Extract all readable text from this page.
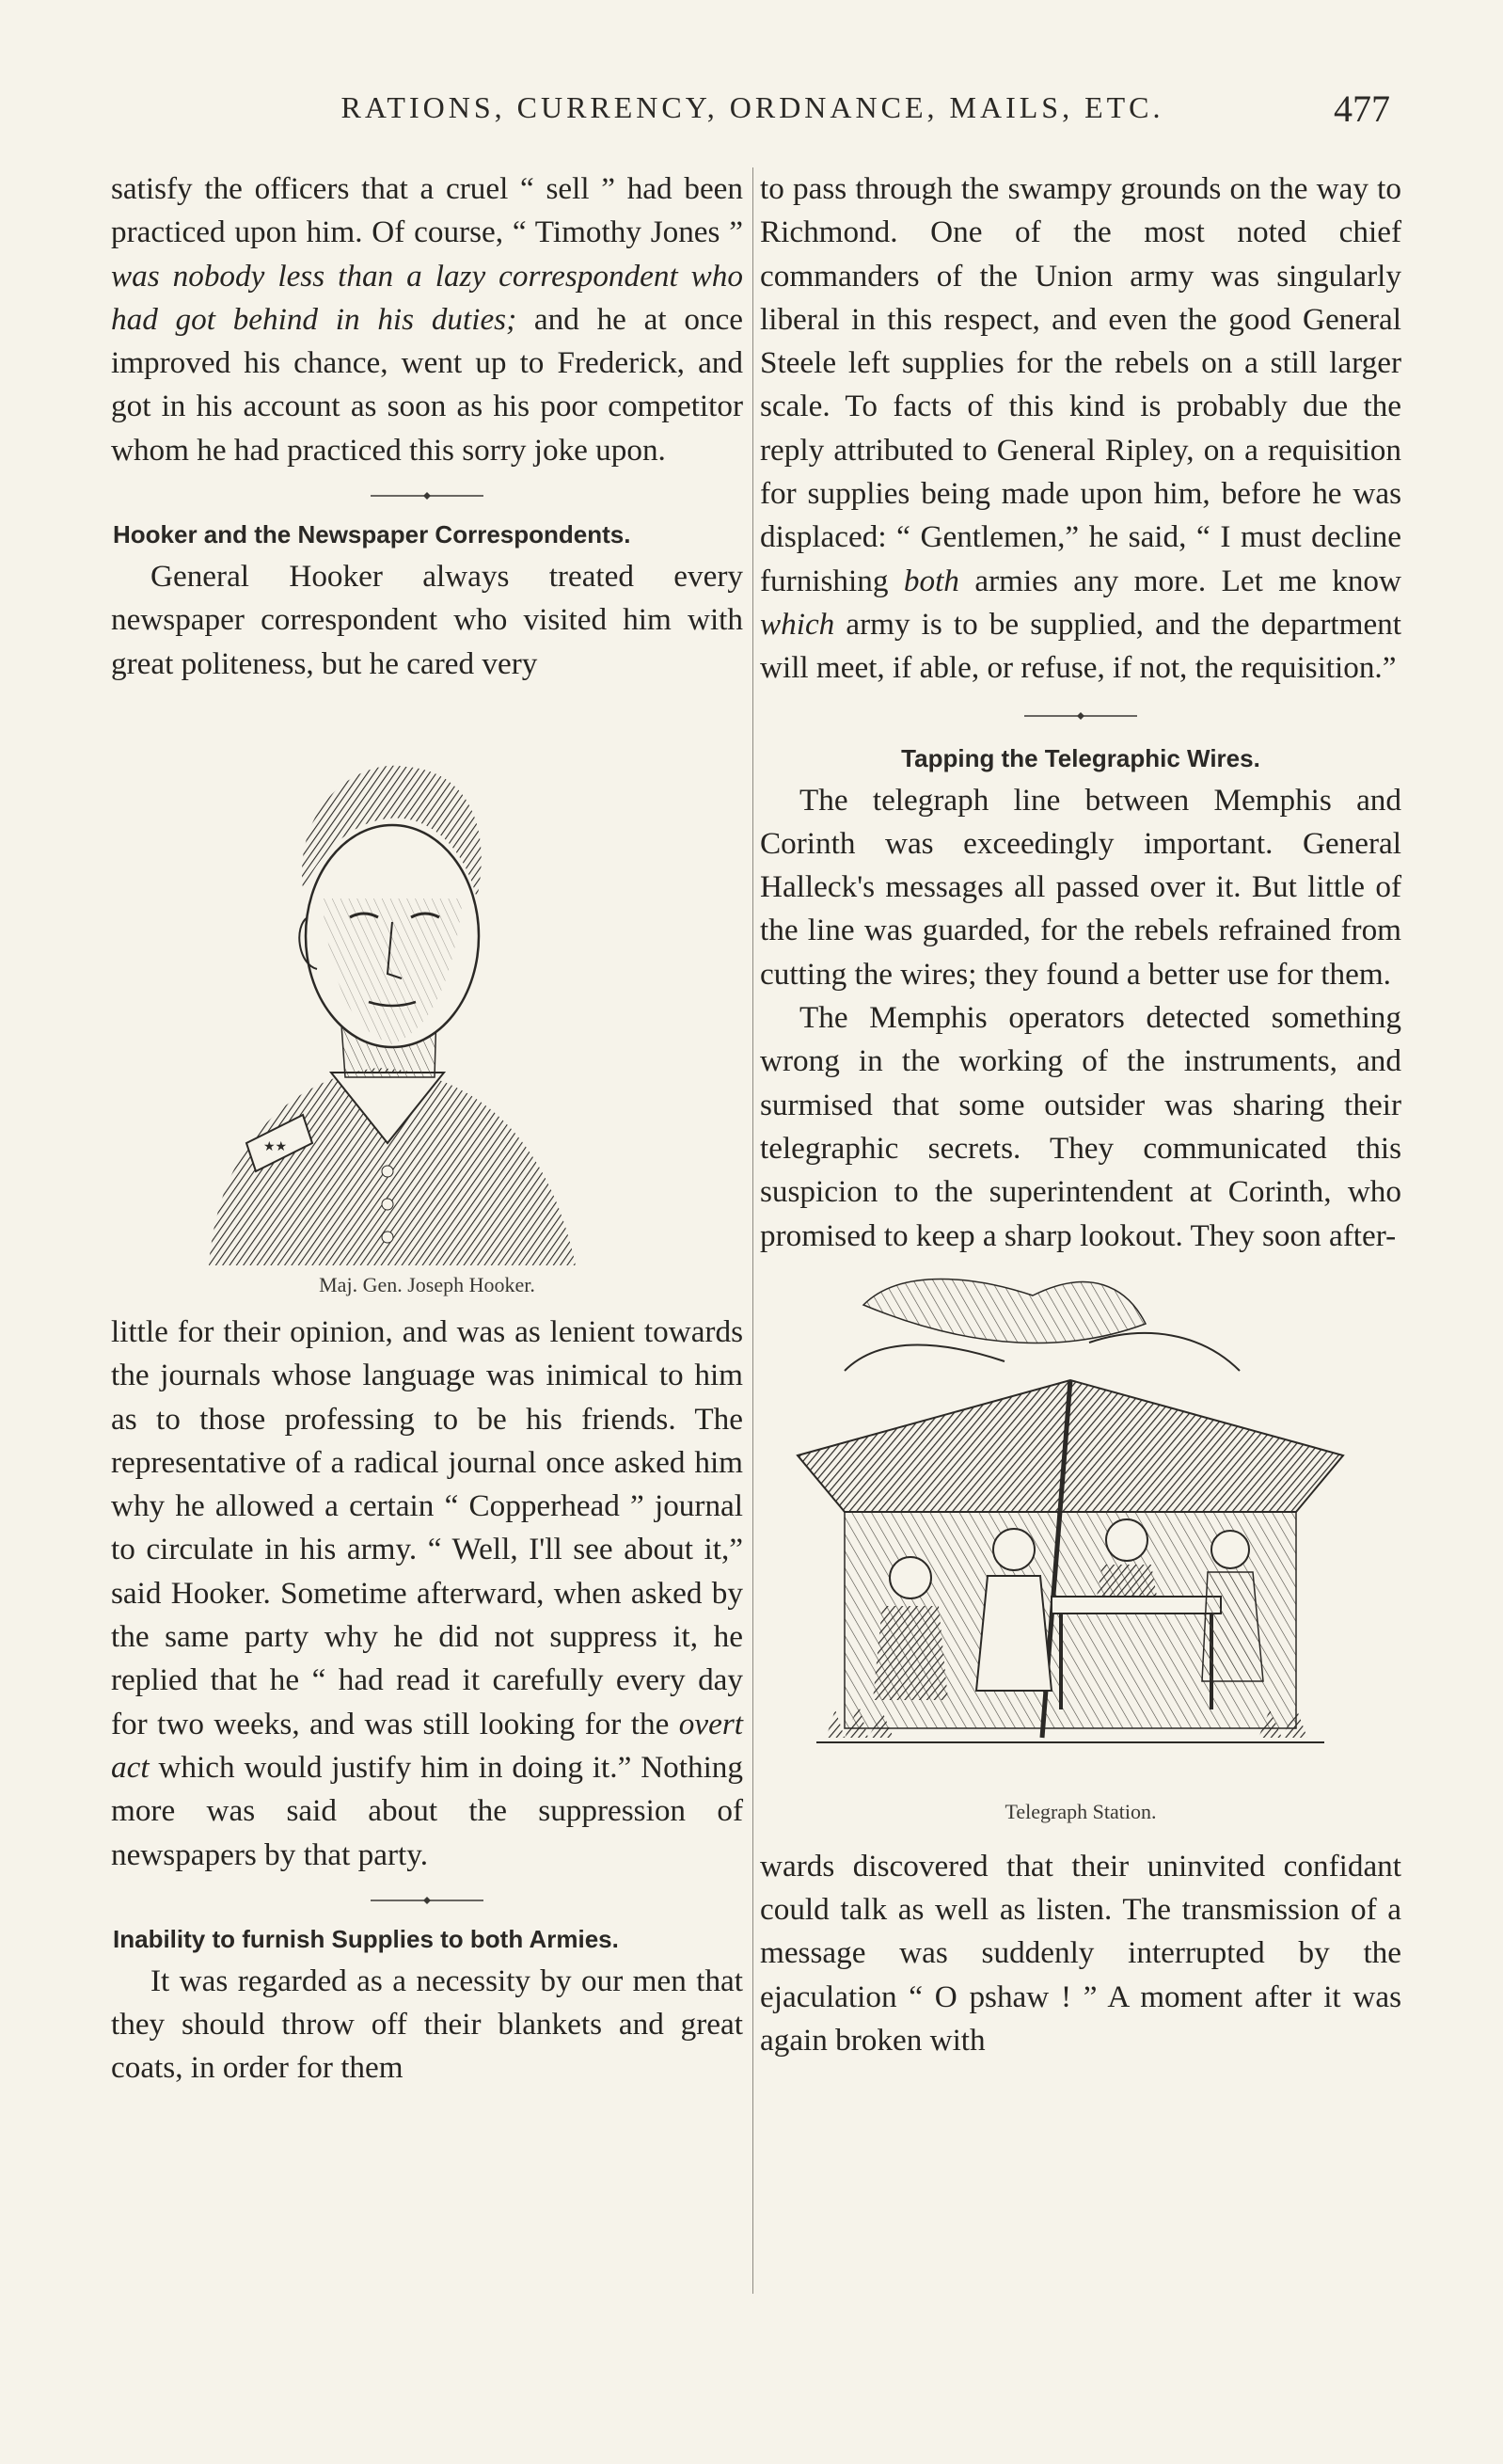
RATIONS, CURRENCY, ORDNANCE, MAILS, ETC.	477

satisfy the officers that a cruel “ sell ” had been practiced upon him. Of course, “ Timothy Jones ” was nobody less than a lazy correspondent who had got behind in his duties; and he at once improved his chance, went up to Frederick, and got in his account as soon as his poor competitor whom he had practiced this sorry joke upon.

Hooker and the Newspaper Correspondents.

General Hooker always treated every newspaper correspondent who visited him with great politeness, but he cared very

★★
Maj. Gen. Joseph Hooker.

little for their opinion, and was as lenient towards the journals whose language was inimical to him as to those professing to be his friends. The representative of a radical journal once asked him why he allowed a certain “ Copperhead ” journal to circulate in his army. “ Well, I'll see about it,” said Hooker. Sometime afterward, when asked by the same party why he did not suppress it, he replied that he “ had read it carefully every day for two weeks, and was still looking for the overt act which would justify him in doing it.” Nothing more was said about the suppression of newspapers by that party.

Inability to furnish Supplies to both Armies.

It was regarded as a necessity by our men that they should throw off their blankets and great coats, in order for them

to pass through the swampy grounds on the way to Richmond. One of the most noted chief commanders of the Union army was singularly liberal in this respect, and even the good General Steele left supplies for the rebels on a still larger scale. To facts of this kind is probably due the reply attributed to General Ripley, on a requisition for supplies being made upon him, before he was displaced: “ Gentlemen,” he said, “ I must decline furnishing both armies any more. Let me know which army is to be supplied, and the department will meet, if able, or refuse, if not, the requisition.”

Tapping the Telegraphic Wires.

The telegraph line between Memphis and Corinth was exceedingly important. General Halleck's messages all passed over it. But little of the line was guarded, for the rebels refrained from cutting the wires; they found a better use for them.

The Memphis operators detected something wrong in the working of the instruments, and surmised that some outsider was sharing their telegraphic secrets. They communicated this suspicion to the superintendent at Corinth, who promised to keep a sharp lookout. They soon after-

Telegraph Station.

wards discovered that their uninvited confidant could talk as well as listen. The transmission of a message was suddenly interrupted by the ejaculation “ O pshaw ! ” A moment after it was again broken with
